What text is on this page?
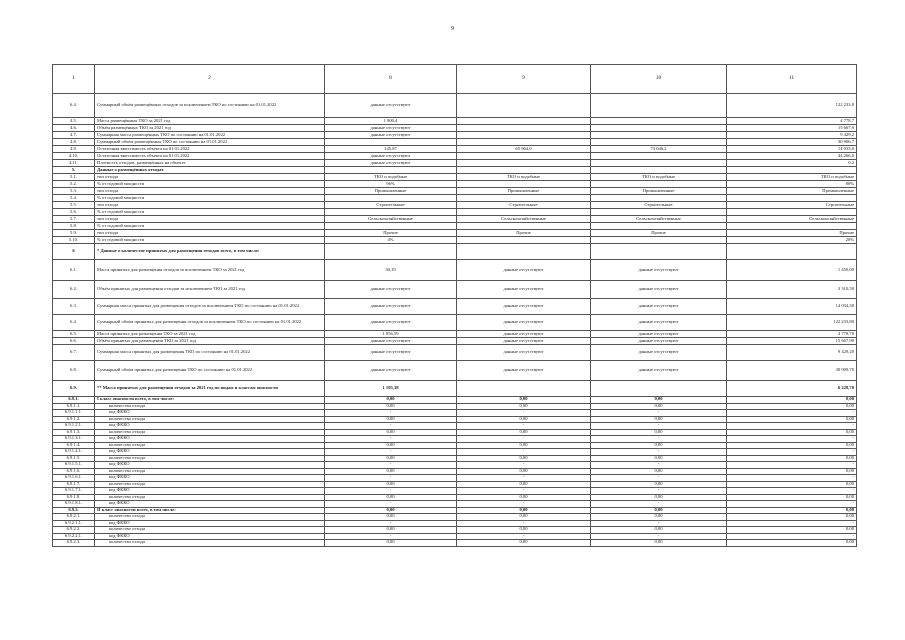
9
1	2	8	9	10	11
6.4.	Суммарный объём размещённых отходов за исключением ТКО по состоянию на 01.01.2022	данные отсутствуют			122 233,8
4.5.	Масса размещённых ТКО за 2021 год	1 900,4			4 778,7
4.6.	Объём размещённых ТКО за 2021 год	данные отсутствуют			15 667,9
4.7.	Суммарная масса размещённых ТКО по состоянию на 01.01.2022	данные отсутствуют			9 429,2
4.8.	Суммарный объём размещённых ТКО по состоянию на 01.01.2022				30 906,7
4.9.	Остаточная вместимость объекта на 01.01.2022	145,87	65 964,0	73 046,2	14 033,0
4.10.	Остаточная вместимость объекта на 01.01.2022	данные отсутствуют			44 266,0
4.11.	Плотность отходов, размещённых на объекте	данные отсутствуют			0,2
5.	Данные о размещённых отходах				
5.1.	тип отхода	ТКО и подобные	ТКО и подобные	ТКО и подобные	ТКО и подобные
5.2.	% от годовой мощности	96%			80%
5.3.	тип отхода	Промышленные	Промышленные	Промышленные	Промышленные
5.4.	% от годовой мощности				
5.5.	тип отхода	Строительные	Строительные	Строительные	Строительные
5.6.	% от годовой мощности				
5.7.	тип отхода	Сельскохозяйственные	Сельскохозяйственные	Сельскохозяйственные	Сельскохозяйственные
5.8.	% от годовой мощности				
5.9.	тип отхода	Прочие	Прочие	Прочие	Прочие
5.10.	% от годовой мощности	4%			20%
6	* Данные о количестве принятых для размещения отходов всего, в том числе:				
6.1.	Масса принятых для размещения отходов за исключением ТКО за 2021 год	30,19	данные отсутствуют	данные отсутствуют	1 450,00
6.2.	Объём принятых для размещения отходов за исключением ТКО за 2021 год	данные отсутствуют	данные отсутствуют	данные отсутствуют	3 310,50
6.3.	Суммарная масса принятых для размещения отходов за исключением ТКО по состоянию на 01.01.2022	данные отсутствуют	данные отсутствуют	данные отсутствуют	14 034,30
6.4.	Суммарный объём принятых для размещения отходов за исключением ТКО по состоянию на 01.01.2022	данные отсутствуют	данные отсутствуют	данные отсутствуют	122 233,80
6.5.	Масса принятых для размещения ТКО за 2021 год	1 056,59	данные отсутствуют	данные отсутствуют	4 778,70
6.6.	Объём принятых для размещения ТКО за 2021 год	данные отсутствуют	данные отсутствуют	данные отсутствуют	15 667,90
6.7.	Суммарная масса принятых для размещения ТКО по состоянию на 01.01.2022	данные отсутствуют	данные отсутствуют	данные отсутствуют	9 429,20
6.8.	Суммарный объём принятых для размещения ТКО по состоянию на 01.01.2022	данные отсутствуют	данные отсутствуют	данные отсутствуют	30 909,70
6.9.	** Масса принятых для размещения отходов за 2021 год по видам и классам опасности	1 105,38			6 228,70
6.9.1.	I класс опасности всего, в том числе:	0,00	0,00	0,00	0,00
6.9.1.1.	количество отхода	0,00	0,00	0,00	0,00
6.9.1.1.1.	код ФККО	-	-	-	-
6.9.1.2.	количество отхода	0,00	0,00	0,00	0,00
6.9.1.2.1.	код ФККО	-	-	-	-
6.9.1.3.	количество отхода	0,00	0,00	0,00	0,00
6.9.1.3.1.	код ФККО	-	-	-	-
6.9.1.4.	количество отхода	0,00	0,00	0,00	0,00
6.9.1.4.1.	код ФККО	-	-	-	-
6.9.1.5.	количество отхода	0,00	0,00	0,00	0,00
6.9.1.5.1.	код ФККО	-	-	-	-
6.9.1.6.	количество отхода	0,00	0,00	0,00	0,00
6.9.1.6.1.	код ФККО	-	-	-	-
6.9.1.7.	количество отхода	0,00	0,00	0,00	0,00
6.9.1.7.1.	код ФККО	-	-	-	-
6.9.1.8.	количество отхода	0,00	0,00	0,00	0,00
6.9.1.8.1.	код ФККО	-	-	-	-
6.9.2.	II класс опасности всего, в том числе:	0,00	0,00	0,00	0,00
6.9.2.1.	количество отхода	0,00	0,00	0,00	0,00
6.9.2.1.1.	код ФККО	-	-	-	-
6.9.2.2.	количество отхода	0,00	0,00	0,00	0,00
6.9.2.2.1.	код ФККО	-	-	-	-
6.9.2.3.	количество отхода	0,00	0,00	0,00	0,00
